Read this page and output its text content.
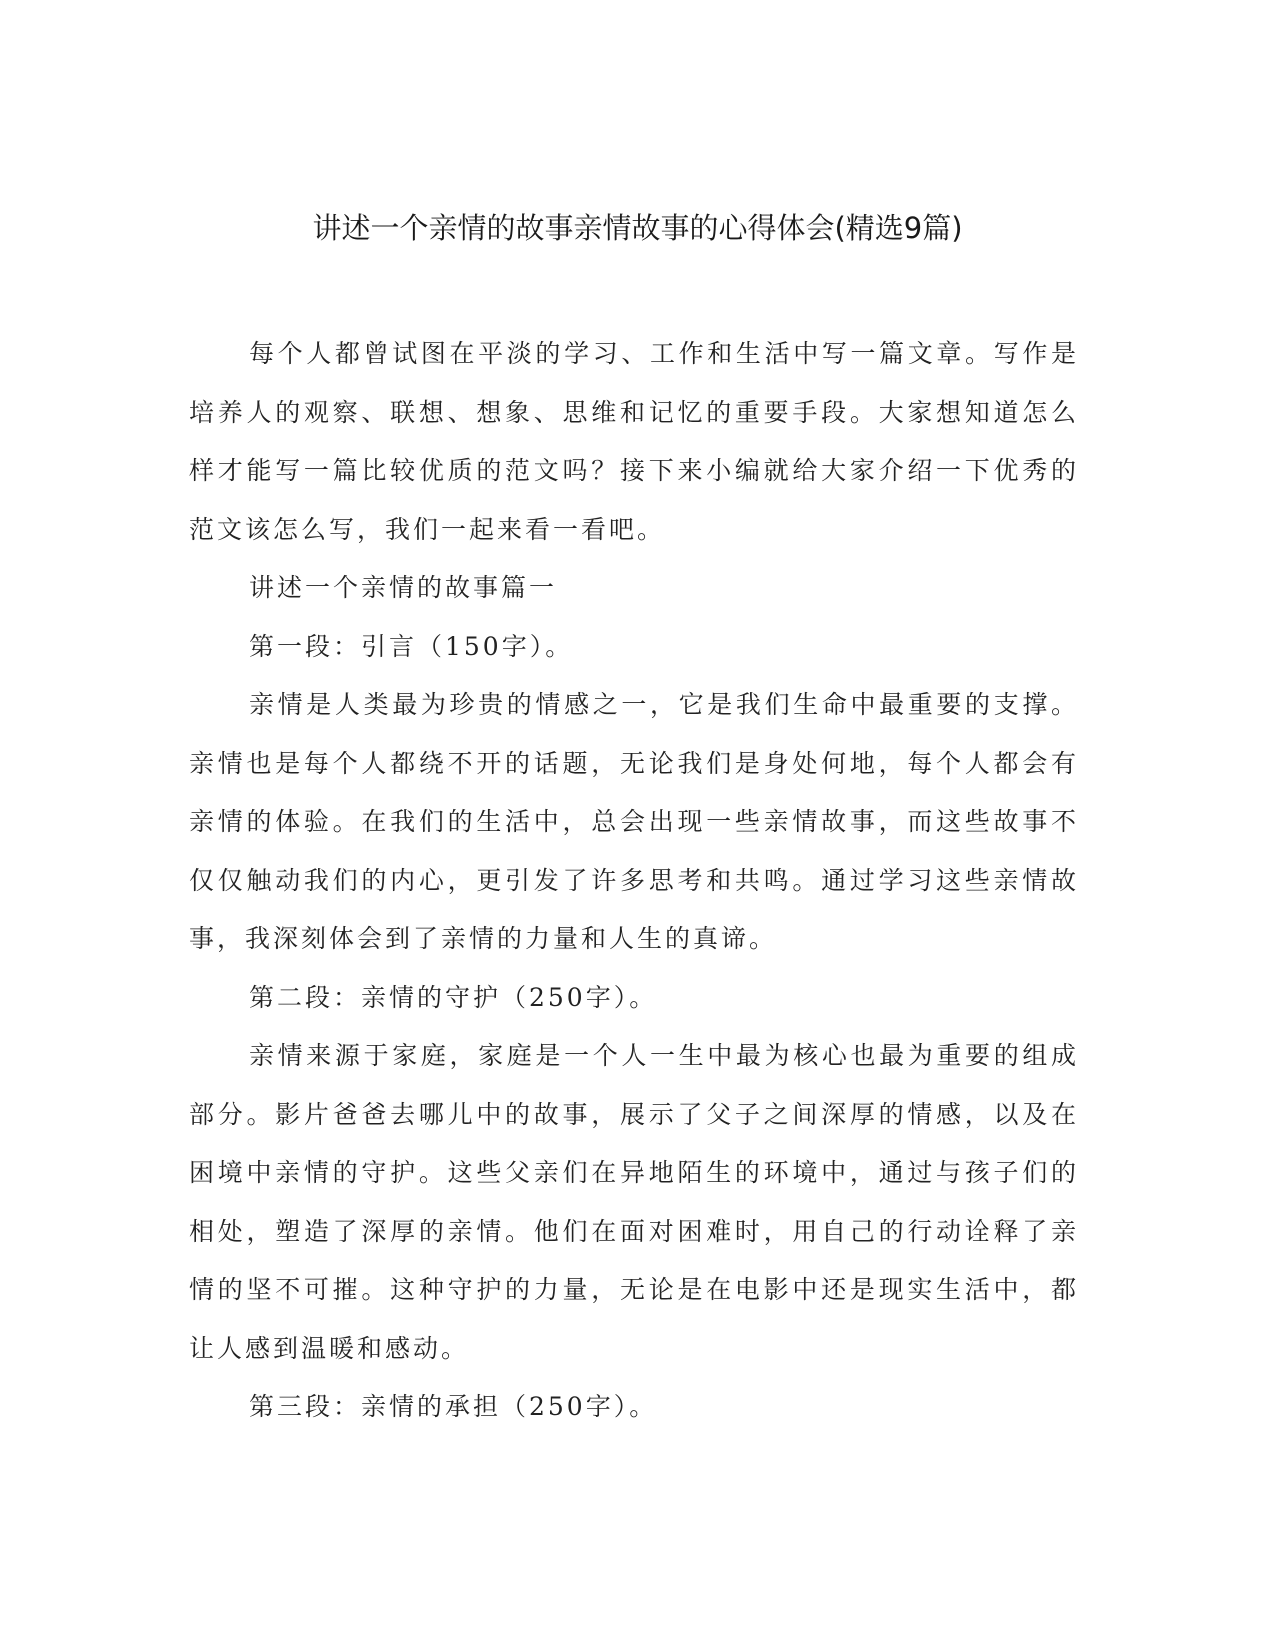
讲述一个亲情的故事亲情故事的心得体会(精选9篇)

每个人都曾试图在平淡的学习、工作和生活中写一篇文章。写作是培养人的观察、联想、想象、思维和记忆的重要手段。大家想知道怎么样才能写一篇比较优质的范文吗？接下来小编就给大家介绍一下优秀的范文该怎么写，我们一起来看一看吧。

讲述一个亲情的故事篇一

第一段：引言（150字）。

亲情是人类最为珍贵的情感之一，它是我们生命中最重要的支撑。亲情也是每个人都绕不开的话题，无论我们是身处何地，每个人都会有亲情的体验。在我们的生活中，总会出现一些亲情故事，而这些故事不仅仅触动我们的内心，更引发了许多思考和共鸣。通过学习这些亲情故事，我深刻体会到了亲情的力量和人生的真谛。

第二段：亲情的守护（250字）。

亲情来源于家庭，家庭是一个人一生中最为核心也最为重要的组成部分。影片爸爸去哪儿中的故事，展示了父子之间深厚的情感，以及在困境中亲情的守护。这些父亲们在异地陌生的环境中，通过与孩子们的相处，塑造了深厚的亲情。他们在面对困难时，用自己的行动诠释了亲情的坚不可摧。这种守护的力量，无论是在电影中还是现实生活中，都让人感到温暖和感动。

第三段：亲情的承担（250字）。
